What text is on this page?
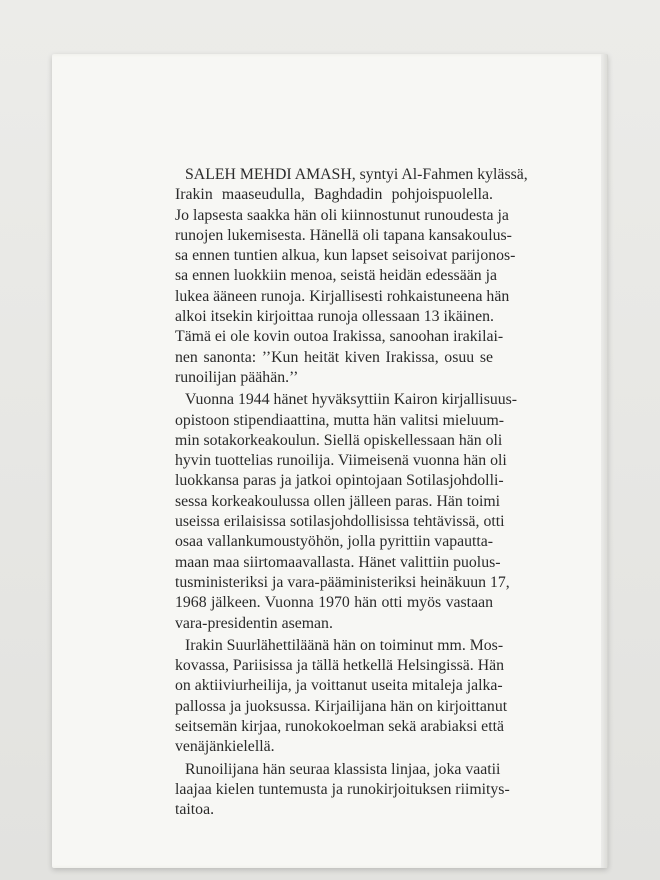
SALEH MEHDI AMASH, syntyi Al-Fahmen kylässä,
Irakin maaseudulla, Baghdadin pohjoispuolella.
Jo lapsesta saakka hän oli kiinnostunut runoudesta ja
runojen lukemisesta. Hänellä oli tapana kansakoulus-
sa ennen tuntien alkua, kun lapset seisoivat parijonos-
sa ennen luokkiin menoa, seistä heidän edessään ja
lukea ääneen runoja. Kirjallisesti rohkaistuneena hän
alkoi itsekin kirjoittaa runoja ollessaan 13 ikäinen.
Tämä ei ole kovin outoa Irakissa, sanoohan irakilai-
nen sanonta: ’’Kun heität kiven Irakissa, osuu se
runoilijan päähän.’’
Vuonna 1944 hänet hyväksyttiin Kairon kirjallisuus-
opistoon stipendiaattina, mutta hän valitsi mieluum-
min sotakorkeakoulun. Siellä opiskellessaan hän oli
hyvin tuottelias runoilija. Viimeisenä vuonna hän oli
luokkansa paras ja jatkoi opintojaan Sotilasjohdolli-
sessa korkeakoulussa ollen jälleen paras. Hän toimi
useissa erilaisissa sotilasjohdollisissa tehtävissä, otti
osaa vallankumoustyöhön, jolla pyrittiin vapautta-
maan maa siirtomaavallasta. Hänet valittiin puolus-
tusministeriksi ja vara-pääministeriksi heinäkuun 17,
1968 jälkeen. Vuonna 1970 hän otti myös vastaan
vara-presidentin aseman.
Irakin Suurlähettiläänä hän on toiminut mm. Mos-
kovassa, Pariisissa ja tällä hetkellä Helsingissä. Hän
on aktiiviurheilija, ja voittanut useita mitaleja jalka-
pallossa ja juoksussa. Kirjailijana hän on kirjoittanut
seitsemän kirjaa, runokokoelman sekä arabiaksi että
venäjänkielellä.
Runoilijana hän seuraa klassista linjaa, joka vaatii
laajaa kielen tuntemusta ja runokirjoituksen riimitys-
taitoa.
